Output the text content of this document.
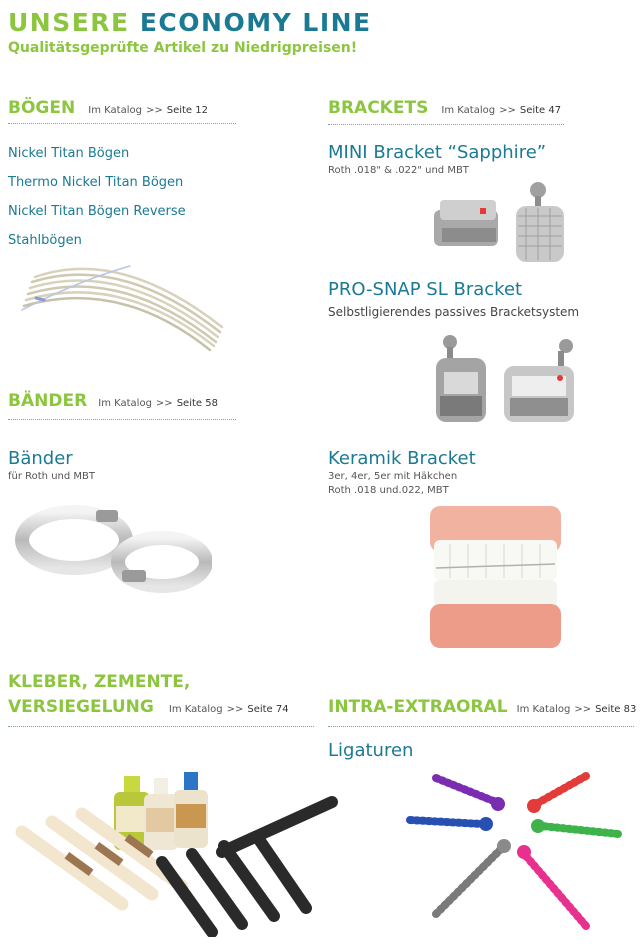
UNSERE ECONOMY LINE
Qualitätsgeprüfte Artikel zu Niedrigpreisen!
BÖGEN Im Katalog >> Seite 12
Nickel Titan Bögen
Thermo Nickel Titan Bögen
Nickel Titan Bögen Reverse
Stahlbögen
BÄNDER Im Katalog >> Seite 58
Bänder
für Roth und MBT
KLEBER, ZEMENTE,
VERSIEGELUNG Im Katalog >> Seite 74
BRACKETS Im Katalog >> Seite 47
MINI Bracket “Sapphire”
Roth .018" & .022" und MBT
PRO-SNAP SL Bracket
Selbstligierendes passives Bracketsystem
Keramik Bracket
3er, 4er, 5er mit Häkchen
Roth .018 und.022, MBT
INTRA-EXTRAORAL Im Katalog >> Seite 83
Ligaturen
